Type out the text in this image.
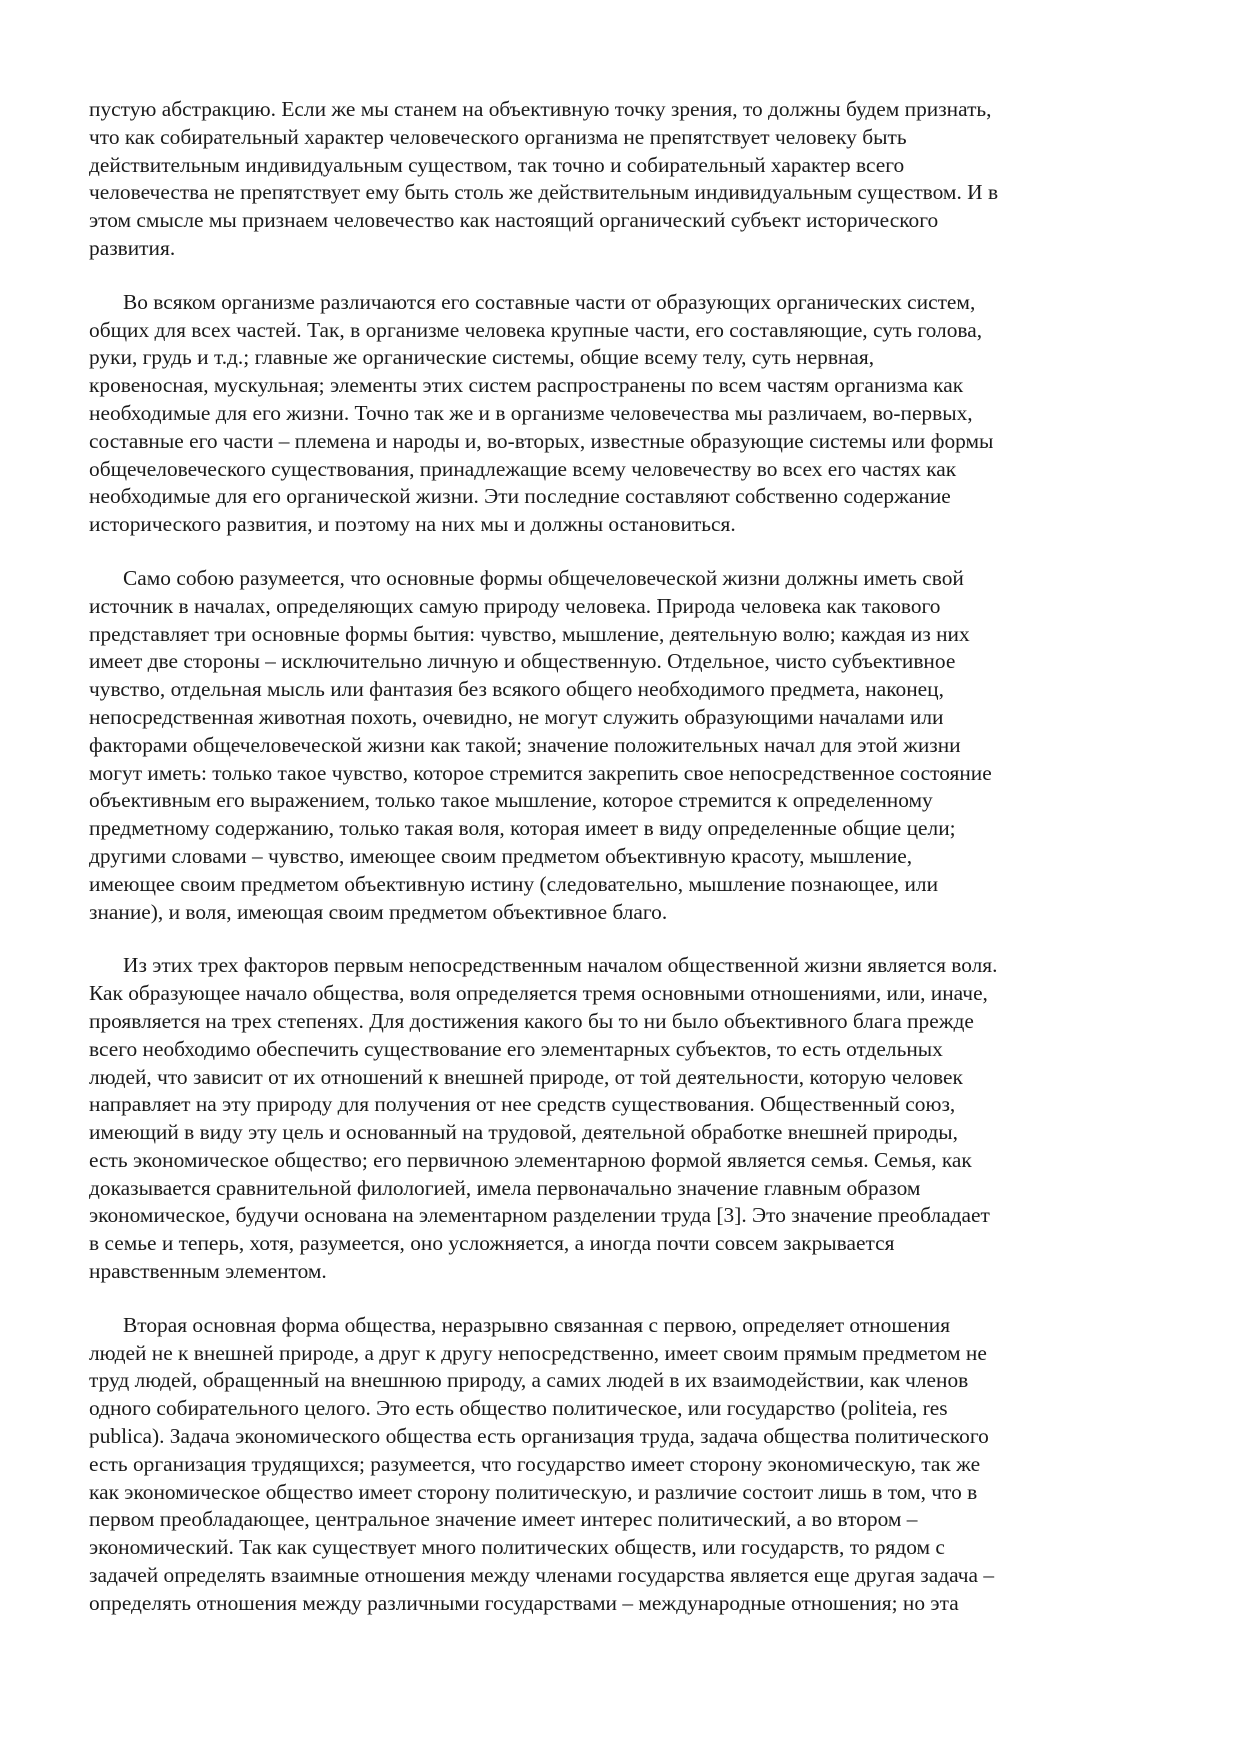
пустую абстракцию. Если же мы станем на объективную точку зрения, то должны будем признать,
что как собирательный характер человеческого организма не препятствует человеку быть
действительным индивидуальным существом, так точно и собирательный характер всего
человечества не препятствует ему быть столь же действительным индивидуальным существом. И в
этом смысле мы признаем человечество как настоящий органический субъект исторического
развития.

Во всяком организме различаются его составные части от образующих органических систем,
общих для всех частей. Так, в организме человека крупные части, его составляющие, суть голова,
руки, грудь и т.д.; главные же органические системы, общие всему телу, суть нервная,
кровеносная, мускульная; элементы этих систем распространены по всем частям организма как
необходимые для его жизни. Точно так же и в организме человечества мы различаем, во-первых,
составные его части – племена и народы и, во-вторых, известные образующие системы или формы
общечеловеческого существования, принадлежащие всему человечеству во всех его частях как
необходимые для его органической жизни. Эти последние составляют собственно содержание
исторического развития, и поэтому на них мы и должны остановиться.

Само собою разумеется, что основные формы общечеловеческой жизни должны иметь свой
источник в началах, определяющих самую природу человека. Природа человека как такового
представляет три основные формы бытия: чувство, мышление, деятельную волю; каждая из них
имеет две стороны – исключительно личную и общественную. Отдельное, чисто субъективное
чувство, отдельная мысль или фантазия без всякого общего необходимого предмета, наконец,
непосредственная животная похоть, очевидно, не могут служить образующими началами или
факторами общечеловеческой жизни как такой; значение положительных начал для этой жизни
могут иметь: только такое чувство, которое стремится закрепить свое непосредственное состояние
объективным его выражением, только такое мышление, которое стремится к определенному
предметному содержанию, только такая воля, которая имеет в виду определенные общие цели;
другими словами – чувство, имеющее своим предметом объективную красоту, мышление,
имеющее своим предметом объективную истину (следовательно, мышление познающее, или
знание), и воля, имеющая своим предметом объективное благо.

Из этих трех факторов первым непосредственным началом общественной жизни является воля.
Как образующее начало общества, воля определяется тремя основными отношениями, или, иначе,
проявляется на трех степенях. Для достижения какого бы то ни было объективного блага прежде
всего необходимо обеспечить существование его элементарных субъектов, то есть отдельных
людей, что зависит от их отношений к внешней природе, от той деятельности, которую человек
направляет на эту природу для получения от нее средств существования. Общественный союз,
имеющий в виду эту цель и основанный на трудовой, деятельной обработке внешней природы,
есть экономическое общество; его первичною элементарною формой является семья. Семья, как
доказывается сравнительной филологией, имела первоначально значение главным образом
экономическое, будучи основана на элементарном разделении труда [3]. Это значение преобладает
в семье и теперь, хотя, разумеется, оно усложняется, а иногда почти совсем закрывается
нравственным элементом.

Вторая основная форма общества, неразрывно связанная с первою, определяет отношения
людей не к внешней природе, а друг к другу непосредственно, имеет своим прямым предметом не
труд людей, обращенный на внешнюю природу, а самих людей в их взаимодействии, как членов
одного собирательного целого. Это есть общество политическое, или государство (politeia, res
publica). Задача экономического общества есть организация труда, задача общества политического
есть организация трудящихся; разумеется, что государство имеет сторону экономическую, так же
как экономическое общество имеет сторону политическую, и различие состоит лишь в том, что в
первом преобладающее, центральное значение имеет интерес политический, а во втором –
экономический. Так как существует много политических обществ, или государств, то рядом с
задачей определять взаимные отношения между членами государства является еще другая задача –
определять отношения между различными государствами – международные отношения; но эта
